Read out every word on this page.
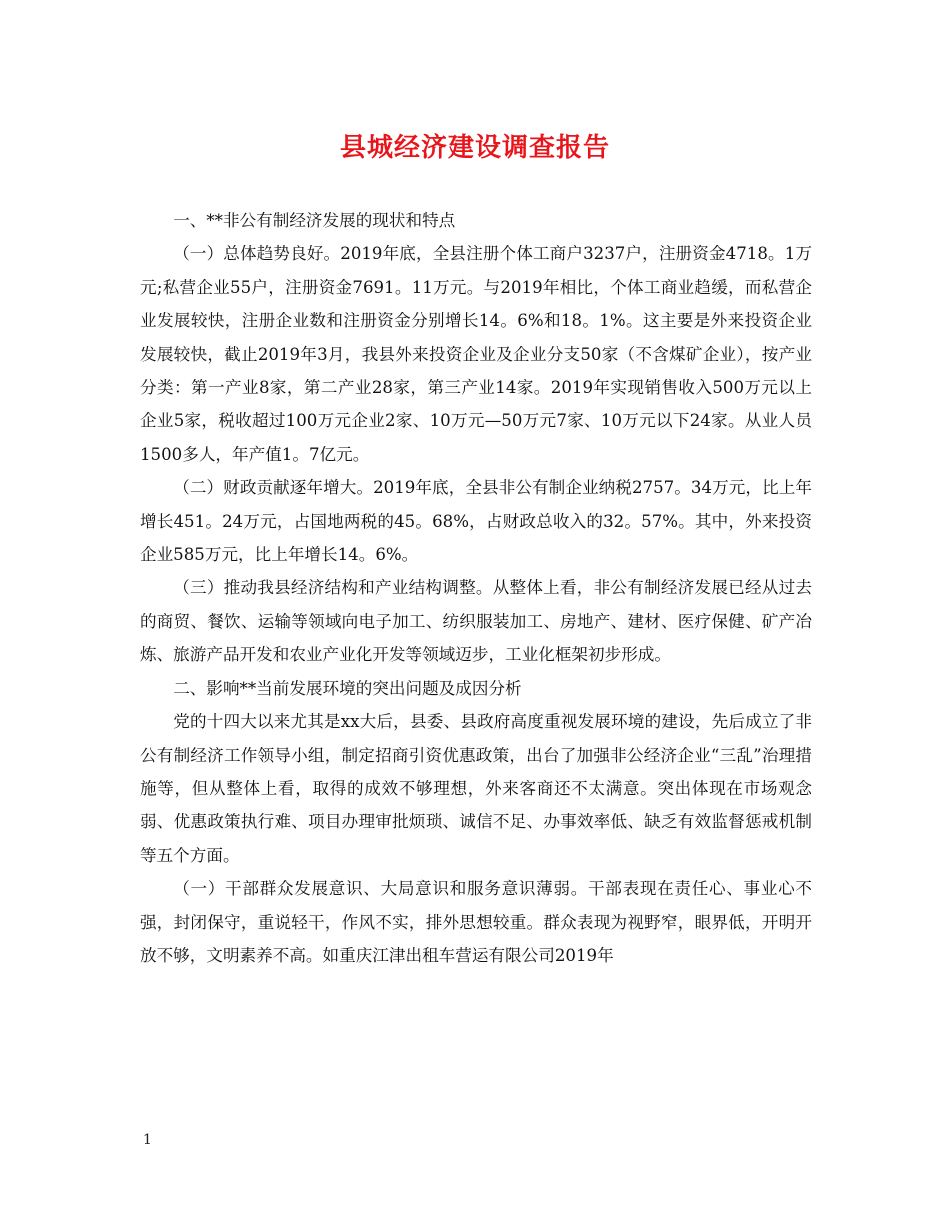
县城经济建设调查报告

一、**非公有制经济发展的现状和特点

（一）总体趋势良好。2019年底，全县注册个体工商户3237户，注册资金4718。1万元;私营企业55户，注册资金7691。11万元。与2019年相比，个体工商业趋缓，而私营企业发展较快，注册企业数和注册资金分别增长14。6%和18。1%。这主要是外来投资企业发展较快，截止2019年3月，我县外来投资企业及企业分支50家（不含煤矿企业），按产业分类：第一产业8家，第二产业28家，第三产业14家。2019年实现销售收入500万元以上企业5家，税收超过100万元企业2家、10万元—50万元7家、10万元以下24家。从业人员1500多人，年产值1。7亿元。

（二）财政贡献逐年增大。2019年底，全县非公有制企业纳税2757。34万元，比上年增长451。24万元，占国地两税的45。68%，占财政总收入的32。57%。其中，外来投资企业585万元，比上年增长14。6%。

（三）推动我县经济结构和产业结构调整。从整体上看，非公有制经济发展已经从过去的商贸、餐饮、运输等领域向电子加工、纺织服装加工、房地产、建材、医疗保健、矿产冶炼、旅游产品开发和农业产业化开发等领域迈步，工业化框架初步形成。

二、影响**当前发展环境的突出问题及成因分析

党的十四大以来尤其是xx大后，县委、县政府高度重视发展环境的建设，先后成立了非公有制经济工作领导小组，制定招商引资优惠政策，出台了加强非公经济企业“三乱”治理措施等，但从整体上看，取得的成效不够理想，外来客商还不太满意。突出体现在市场观念弱、优惠政策执行难、项目办理审批烦琐、诚信不足、办事效率低、缺乏有效监督惩戒机制等五个方面。

（一）干部群众发展意识、大局意识和服务意识薄弱。干部表现在责任心、事业心不强，封闭保守，重说轻干，作风不实，排外思想较重。群众表现为视野窄，眼界低，开明开放不够，文明素养不高。如重庆江津出租车营运有限公司2019年

1
